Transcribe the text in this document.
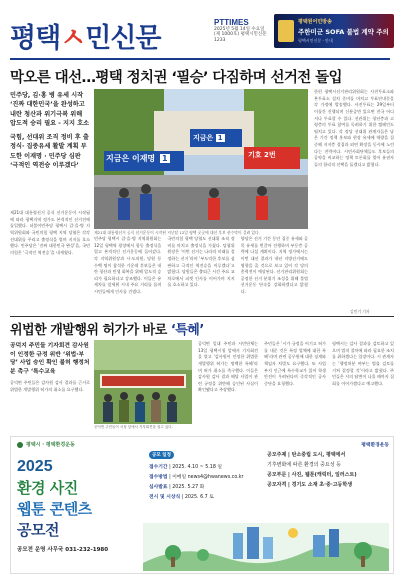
평택ㅅ민신문
PTTIMES
2025년 5월 14일 수요일
(제 1000호) 평택시민신문 1233
평택원어민방송
주한미군 SOFA 불법 계약 주의
평택시민신문 · 안내
막오른 대선…평택 정치권 ‘필승’ 다짐하며 선거전 돌입

민주당, 김·홍 병 유세 시작 ‘진짜 대한민국’을 완성하고 내란 청산과 위기극복 위해 압도적 승리 필요 - 지지 호소

국힘, 선대위 조직 정비 후 출정식· 집중유세 활발 계획 부도한 이재명 · 민주당 심판 ‘극적인 역전승 이루겠다’

지금은 이재명 1
지금은 1
기호 2번
제21대 대통령선거 공식 선거운동이 시작된 지난달 12일 평택 곳곳에 대선 후보 현수막이 걸려 있다.
제21대 대통령선거 공식 선거운동이 시작됨에 따라 평택지역 정가도 본격적인 선거전에 돌입했다. 더불어민주당 평택시 갑·을·병 지역위원회와 국민의힘 평택 지역 당협은 각각 선대위를 꾸리고 출정식을 열며 지지를 호소했다. 민주당은 ‘진짜 대한민국 완성’을, 국민의힘은 ‘극적인 역전승’을 내세웠다.
민주당 평택시 갑·을·병 지역위원회는 12일 평택역 광장에서 합동 출정식을 열고 본격적인 선거운동에 들어갔다. 각 지역위원장과 시·도의원, 당원 등 수백 명이 참석한 가운데 후보들은 내란 청산과 민생 회복을 위해 압도적 승리가 필요하다고 강조했다. 이들은 유세차를 앞세워 시내 주요 거리를 돌며 시민들에게 인사를 건넸다.
국민의힘 평택 당협도 선대위 조직 정비를 마치고 출정식을 가졌다. 당협위원장은 ‘이번 선거는 나라의 미래를 결정하는 선거’라며 ‘부도덕한 후보를 심판하고 극적인 역전승을 이루겠다’고 밝혔다. 당원들은 출퇴근 시간 주요 교차로에서 피켓 인사를 이어가며 지지를 호소하고 있다.
양당은 선거 기간 동안 집중 유세와 골목 유세를 번갈아 진행하며 부동층 공략에 나설 계획이다. 지역 정가에서는 이번 대선 결과가 내년 지방선거에도 영향을 줄 것으로 보고 있어 각 당의 총력전이 예상된다. 선거관리위원회는 공정한 선거 분위기 조성을 위해 불법 선거운동 단속을 강화하겠다고 밝혔다.
한편 평택시선거관리위원회는 사전투표소와 본투표소 설치 준비를 마치고 투표안내문을 각 가정에 발송했다. 사전투표는 29일부터 이틀간 진행되며 신분증만 있으면 전국 어디서나 투표할 수 있다. 선관위는 청년층과 고령층의 투표 참여를 독려하기 위한 캠페인도 펼치고 있다. 각 정당 선대위 관계자들은 남은 기간 정책 홍보와 현장 유세에 역량을 집중해 지지층 결집과 외연 확장을 동시에 노린다는 전략이다. 시민사회단체들도 후보들의 공약을 비교하는 정책 토론회를 열어 유권자들의 합리적 선택을 돕겠다고 밝혔다.
김민기 기자
위법한 개발행위 허가가 바로 ‘특혜’
공덕지 주민들 기자회견 감사원이 인정한 규정 위반 ‘위법·부당’ 사업 승인 확인 불허 행정처분 촉구 ‘특수교육
공덕면 주민들은 감사원 감사 결과를 근거로 위법한 개발행위 허가의 취소를 요구했다.
공덕면 주민들이 시청 앞에서 기자회견을 열고 있다.
공덕면 일대 주민과 시민단체는 13일 평택시청 앞에서 기자회견을 열고 ‘감사원이 인정한 위법한 개발행위 허가는 명백한 특혜’라며 허가 취소를 촉구했다. 이들은 감사원 감사 결과 해당 사업이 관련 규정을 위반해 승인된 사실이 확인됐다고 주장했다.
주민들은 ‘시가 규정을 어기고 허가를 내준 것은 특정 업체에 대한 특혜’라며 관련 공무원에 대한 징계와 책임자 처벌도 요구했다. 또 사업 부지 인근에 특수학교가 있어 학생 안전이 우려된다며 즉각적인 공사 중단을 요청했다.
평택시는 감사 결과를 검토하고 있으며 법적 절차에 따라 필요한 조치를 취하겠다는 입장이다. 시 관계자는 ‘행정처분 여부는 법률 검토를 거쳐 결정할 것’이라고 밝혔다. 주민들은 시의 답변이 나올 때까지 집회를 이어가겠다고 예고했다.
평택시 · 평택환경운동
2025
환경 사진
웹툰 콘텐츠
공모전
공모전 운영 사무국 031-232-1980
공모 일정
접수기간 | 2025. 4.10 ~ 5.18 일
접수방법 | 이메일 news4@hwanews.co.kr
심사발표 | 2025. 5.27 화
전시 및 시상식 | 2025. 6.7 토
평택환경운동
공모주제 | 탄소중립 도시, 평택에서
기후변화에 따른 환경의 중요성 등
공모부문 | 사진, 웹툰(캐릭터, 일러스트)
공모자격 | 경기도 소재 초·중·고등학생
